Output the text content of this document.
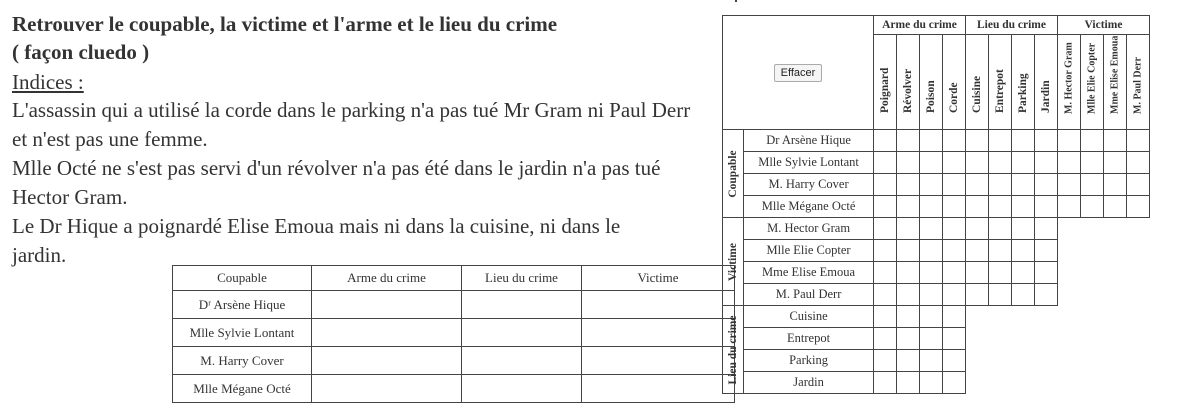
Retrouver le coupable, la victime et l'arme et le lieu du crime
( façon cluedo )
Indices :
L'assassin qui a utilisé la corde dans le parking n'a pas tué Mr Gram ni Paul Derr et n'est pas une femme.
Mlle Octé ne s'est pas servi d'un révolver n'a pas été dans le jardin n'a pas tué Hector Gram.
Le Dr Hique a poignardé Elise Emoua mais ni dans la cuisine, ni dans le jardin.
Coupable	Arme du crime	Lieu du crime	Victime
Dʳ Arsène Hique			
Mlle Sylvie Lontant			
M. Harry Cover			
Mlle Mégane Octé			
Effacer		Arme du crime				Lieu du crime				Victime			

		Poignard	Révolver	Poison	Corde	Cuisine	Entrepot	Parking	Jardin	M. Hector Gram	Mlle Elie Copter	Mme Elise Emoua	M. Paul Derr

Coupable	Dr Arsène Hique												
	Mlle Sylvie Lontant												
	M. Harry Cover												
	Mlle Mégane Octé												

Victime	M. Hector Gram												
	Mlle Elie Copter												
	Mme Elise Emoua												
	M. Paul Derr												

Lieu du crime	Cuisine												
	Entrepot												
	Parking												
	Jardin												
